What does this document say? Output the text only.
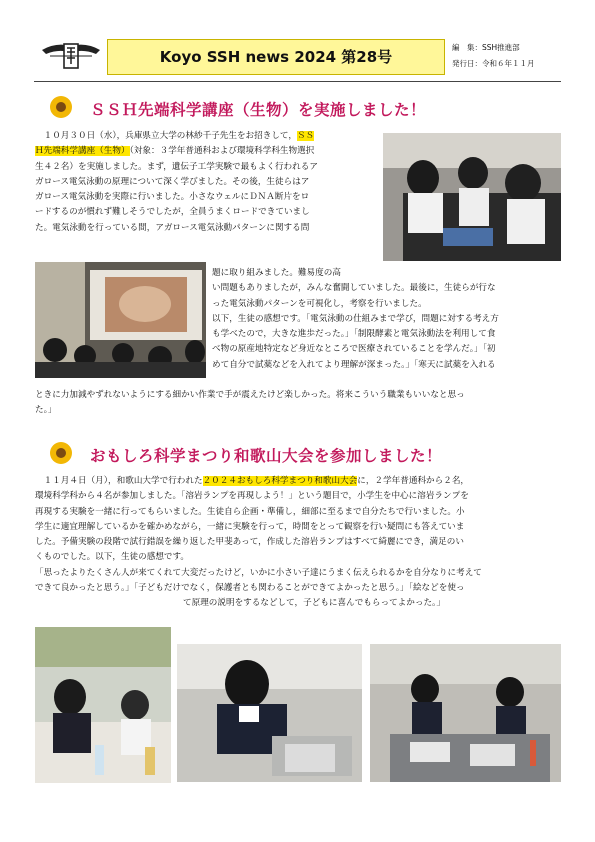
Koyo SSH news 2024 第28号
編　集：SSH推進部
発行日：令和６年１１月
ＳＳＨ先端科学講座（生物）を実施しました！
　１０月３０日（水），兵庫県立大学の林紗千子先生をお招きして，ＳＳ
Ｈ先端科学講座（生物）（対象：３学年普通科および環境科学科生物選択
生４２名）を実施しました。まず，遺伝子工学実験で最もよく行われるア
ガロース電気泳動の原理について深く学びました。その後，生徒らはア
ガロース電気泳動を実際に行いました。小さなウェルにＤＮＡ断片をロ
ードするのが慣れず難しそうでしたが，全員うまくロードできていまし
た。電気泳動を行っている間，アガロース電気泳動パターンに関する問
題に取り組みました。難易度の高
い問題もありましたが，みんな奮闘していました。最後に，生徒らが行な
った電気泳動パターンを可視化し，考察を行いました。
以下，生徒の感想です。「電気泳動の仕組みまで学び，問題に対する考え方
も学べたので，大きな進歩だった。」「制限酵素と電気泳動法を利用して食
べ物の原産地特定など身近なところで医療されていることを学んだ。」「初
めて自分で試薬などを入れてより理解が深まった。」「寒天に試薬を入れる
ときに力加減やずれないようにする細かい作業で手が震えたけど楽しかった。将来こういう職業もいいなと思っ
た。」
おもしろ科学まつり和歌山大会を参加しました！
　１１月４日（月），和歌山大学で行われた２０２４おもしろ科学まつり和歌山大会に，２学年普通科から２名，
環境科学科から４名が参加しました。「溶岩ランプを再現しよう！」という題目で，小学生を中心に溶岩ランプを
再現する実験を一緒に行ってもらいました。生徒自ら企画・準備し，細部に至るまで自分たちで行いました。小
学生に適宜理解しているかを確かめながら，一緒に実験を行って，時間をとって観察を行い疑問にも答えていま
した。予備実験の段階で試行錯誤を繰り返した甲斐あって，作成した溶岩ランプはすべて綺麗にでき，満足のい
くものでした。以下，生徒の感想です。
「思ったよりたくさん人が来てくれて大変だったけど，いかに小さい子達にうまく伝えられるかを自分なりに考えて
できて良かったと思う。」「子どもだけでなく，保護者とも関わることができてよかったと思う。」「絵などを使っ
て原理の説明をするなどして，子どもに喜んでもらってよかった。」
